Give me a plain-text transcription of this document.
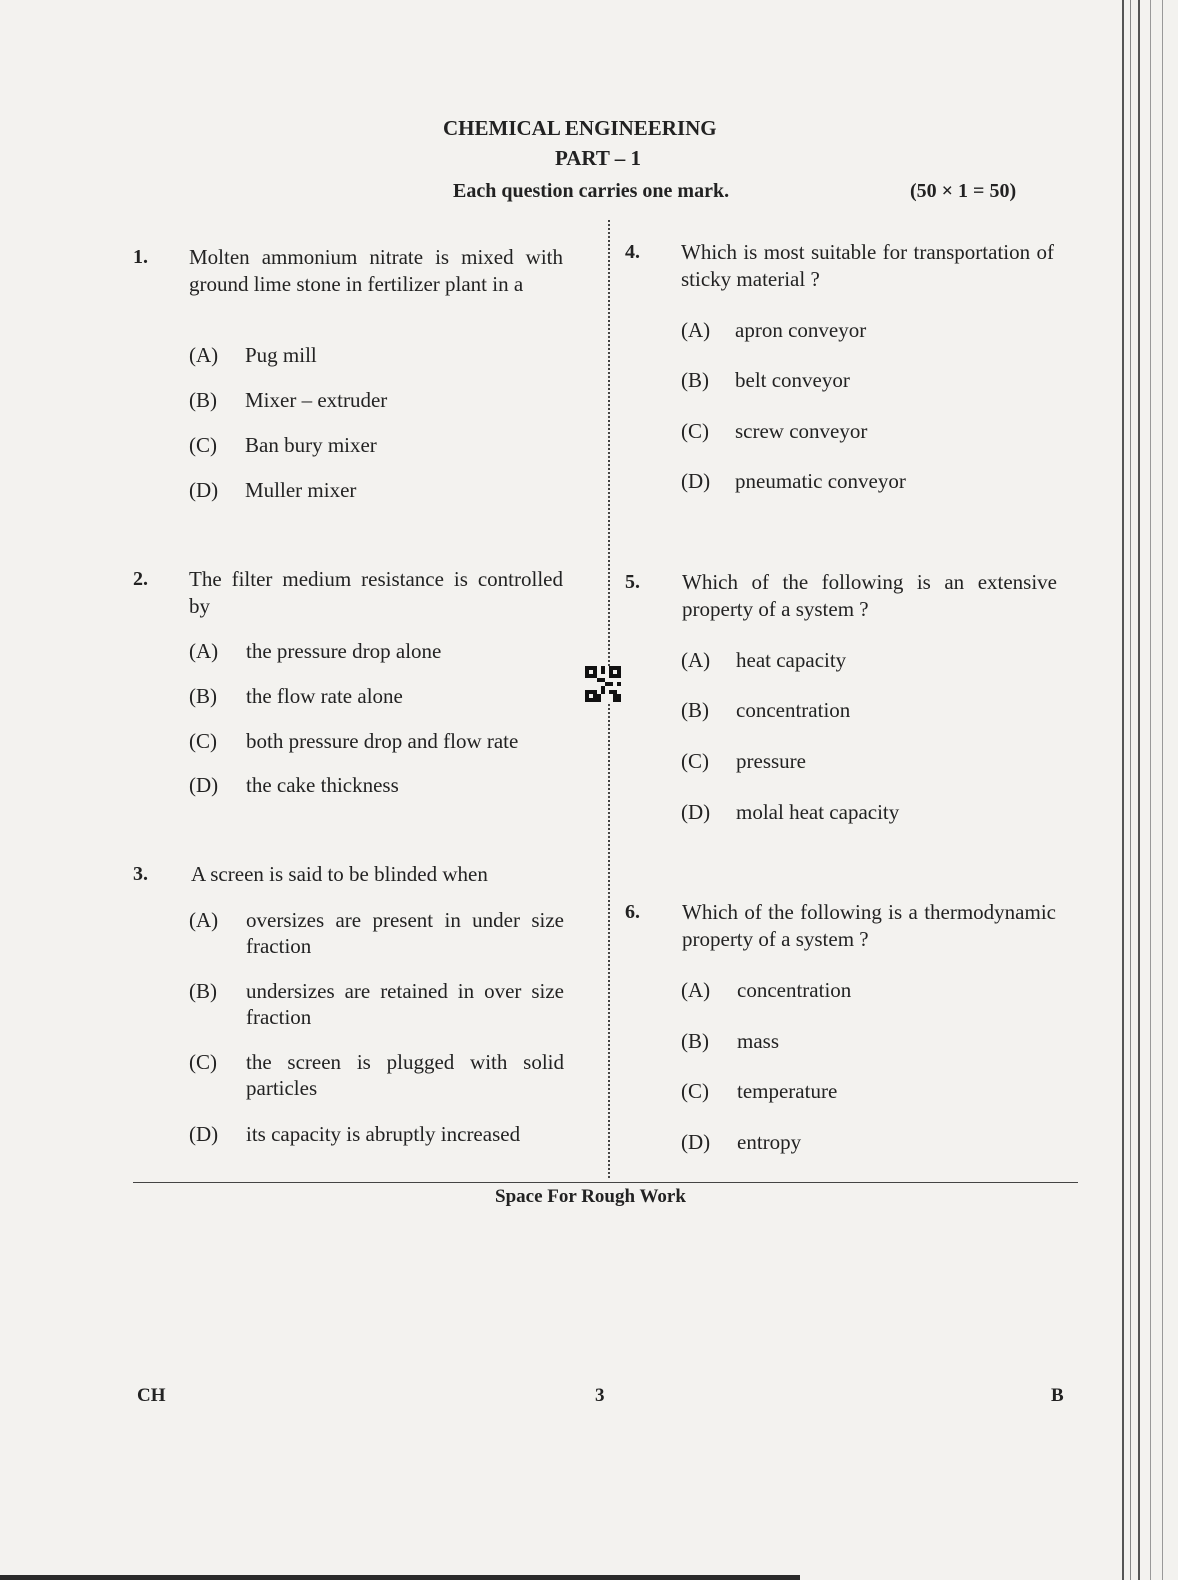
CHEMICAL ENGINEERING
PART – 1
Each question carries one mark.	(50 × 1 = 50)
1. Molten ammonium nitrate is mixed with ground lime stone in fertilizer plant in a
(A) Pug mill
(B) Mixer – extruder
(C) Ban bury mixer
(D) Muller mixer
2. The filter medium resistance is controlled by
(A) the pressure drop alone
(B) the flow rate alone
(C) both pressure drop and flow rate
(D) the cake thickness
3. A screen is said to be blinded when
(A) oversizes are present in under size fraction
(B) undersizes are retained in over size fraction
(C) the screen is plugged with solid particles
(D) its capacity is abruptly increased
4. Which is most suitable for transportation of sticky material ?
(A) apron conveyor
(B) belt conveyor
(C) screw conveyor
(D) pneumatic conveyor
5. Which of the following is an extensive property of a system ?
(A) heat capacity
(B) concentration
(C) pressure
(D) molal heat capacity
6. Which of the following is a thermodynamic property of a system ?
(A) concentration
(B) mass
(C) temperature
(D) entropy
Space For Rough Work
CH	3	B
